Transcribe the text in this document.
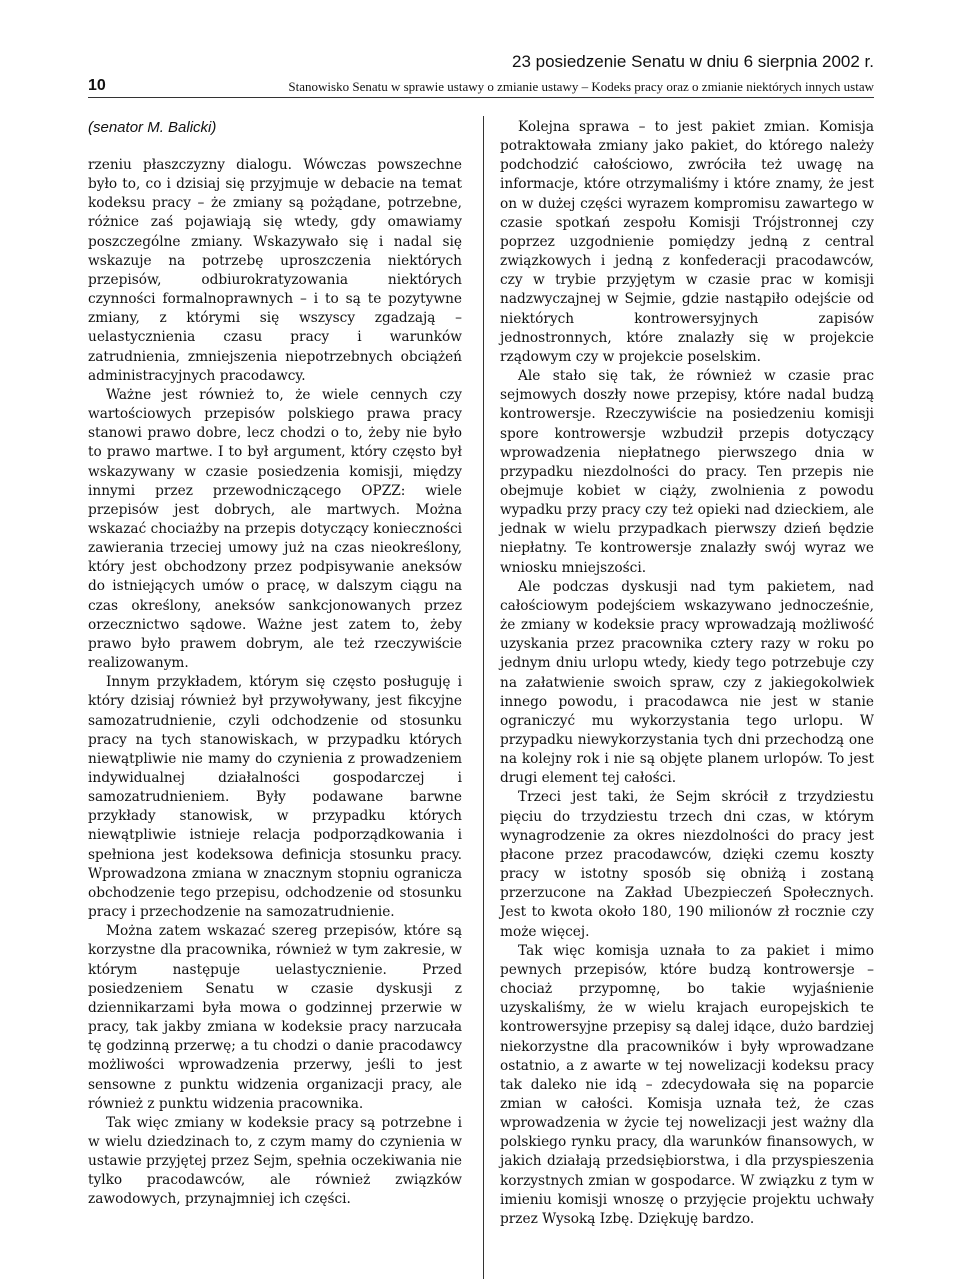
23 posiedzenie Senatu w dniu 6 sierpnia 2002 r.
10	Stanowisko Senatu w sprawie ustawy o zmianie ustawy – Kodeks pracy oraz o zmianie niektórych innych ustaw
(senator M. Balicki)

rzeniu płaszczyzny dialogu. Wówczas powszechne było to, co i dzisiaj się przyjmuje w debacie na temat kodeksu pracy – że zmiany są pożądane, potrzebne, różnice zaś pojawiają się wtedy, gdy omawiamy poszczególne zmiany. Wskazywało się i nadal się wskazuje na potrzebę uproszczenia niektórych przepisów, odbiurokratyzowania niektórych czynności formalnoprawnych – i to są te pozytywne zmiany, z którymi się wszyscy zgadzają – uelastycznienia czasu pracy i warunków zatrudnienia, zmniejszenia niepotrzebnych obciążeń administracyjnych pracodawcy.

Ważne jest również to, że wiele cennych czy wartościowych przepisów polskiego prawa pracy stanowi prawo dobre, lecz chodzi o to, żeby nie było to prawo martwe. I to był argument, który często był wskazywany w czasie posiedzenia komisji, między innymi przez przewodniczącego OPZZ: wiele przepisów jest dobrych, ale martwych. Można wskazać chociażby na przepis dotyczący konieczności zawierania trzeciej umowy już na czas nieokreślony, który jest obchodzony przez podpisywanie aneksów do istniejących umów o pracę, w dalszym ciągu na czas określony, aneksów sankcjonowanych przez orzecznictwo sądowe. Ważne jest zatem to, żeby prawo było prawem dobrym, ale też rzeczywiście realizowanym.

Innym przykładem, którym się często posługuję i który dzisiaj również był przywoływany, jest fikcyjne samozatrudnienie, czyli odchodzenie od stosunku pracy na tych stanowiskach, w przypadku których niewątpliwie nie mamy do czynienia z prowadzeniem indywidualnej działalności gospodarczej i samozatrudnieniem. Były podawane barwne przykłady stanowisk, w przypadku których niewątpliwie istnieje relacja podporządkowania i spełniona jest kodeksowa definicja stosunku pracy. Wprowadzona zmiana w znacznym stopniu ogranicza obchodzenie tego przepisu, odchodzenie od stosunku pracy i przechodzenie na samozatrudnienie.

Można zatem wskazać szereg przepisów, które są korzystne dla pracownika, również w tym zakresie, w którym następuje uelastycznienie. Przed posiedzeniem Senatu w czasie dyskusji z dziennikarzami była mowa o godzinnej przerwie w pracy, tak jakby zmiana w kodeksie pracy narzucała tę godzinną przerwę; a tu chodzi o danie pracodawcy możliwości wprowadzenia przerwy, jeśli to jest sensowne z punktu widzenia organizacji pracy, ale również z punktu widzenia pracownika.

Tak więc zmiany w kodeksie pracy są potrzebne i w wielu dziedzinach to, z czym mamy do czynienia w ustawie przyjętej przez Sejm, spełnia oczekiwania nie tylko pracodawców, ale również związków zawodowych, przynajmniej ich części.

Kolejna sprawa – to jest pakiet zmian. Komisja potraktowała zmiany jako pakiet, do którego należy podchodzić całościowo, zwróciła też uwagę na informacje, które otrzymaliśmy i które znamy, że jest on w dużej części wyrazem kompromisu zawartego w czasie spotkań zespołu Komisji Trójstronnej czy poprzez uzgodnienie pomiędzy jedną z central związkowych i jedną z konfederacji pracodawców, czy w trybie przyjętym w czasie prac w komisji nadzwyczajnej w Sejmie, gdzie nastąpiło odejście od niektórych kontrowersyjnych zapisów jednostronnych, które znalazły się w projekcie rządowym czy w projekcie poselskim.

Ale stało się tak, że również w czasie prac sejmowych doszły nowe przepisy, które nadal budzą kontrowersje. Rzeczywiście na posiedzeniu komisji spore kontrowersje wzbudził przepis dotyczący wprowadzenia niepłatnego pierwszego dnia w przypadku niezdolności do pracy. Ten przepis nie obejmuje kobiet w ciąży, zwolnienia z powodu wypadku przy pracy czy też opieki nad dzieckiem, ale jednak w wielu przypadkach pierwszy dzień będzie niepłatny. Te kontrowersje znalazły swój wyraz we wniosku mniejszości.

Ale podczas dyskusji nad tym pakietem, nad całościowym podejściem wskazywano jednocześnie, że zmiany w kodeksie pracy wprowadzają możliwość uzyskania przez pracownika cztery razy w roku po jednym dniu urlopu wtedy, kiedy tego potrzebuje czy na załatwienie swoich spraw, czy z jakiegokolwiek innego powodu, i pracodawca nie jest w stanie ograniczyć mu wykorzystania tego urlopu. W przypadku niewykorzystania tych dni przechodzą one na kolejny rok i nie są objęte planem urlopów. To jest drugi element tej całości.

Trzeci jest taki, że Sejm skrócił z trzydziestu pięciu do trzydziestu trzech dni czas, w którym wynagrodzenie za okres niezdolności do pracy jest płacone przez pracodawców, dzięki czemu koszty pracy w istotny sposób się obniżą i zostaną przerzucone na Zakład Ubezpieczeń Społecznych. Jest to kwota około 180, 190 milionów zł rocznie czy może więcej.

Tak więc komisja uznała to za pakiet i mimo pewnych przepisów, które budzą kontrowersje – chociaż przypomnę, bo takie wyjaśnienie uzyskaliśmy, że w wielu krajach europejskich te kontrowersyjne przepisy są dalej idące, dużo bardziej niekorzystne dla pracowników i były wprowadzane ostatnio, a z awarte w tej nowelizacji kodeksu pracy tak daleko nie idą – zdecydowała się na poparcie zmian w całości. Komisja uznała też, że czas wprowadzenia w życie tej nowelizacji jest ważny dla polskiego rynku pracy, dla warunków finansowych, w jakich działają przedsiębiorstwa, i dla przyspieszenia korzystnych zmian w gospodarce. W związku z tym w imieniu komisji wnoszę o przyjęcie projektu uchwały przez Wysoką Izbę. Dziękuję bardzo.
